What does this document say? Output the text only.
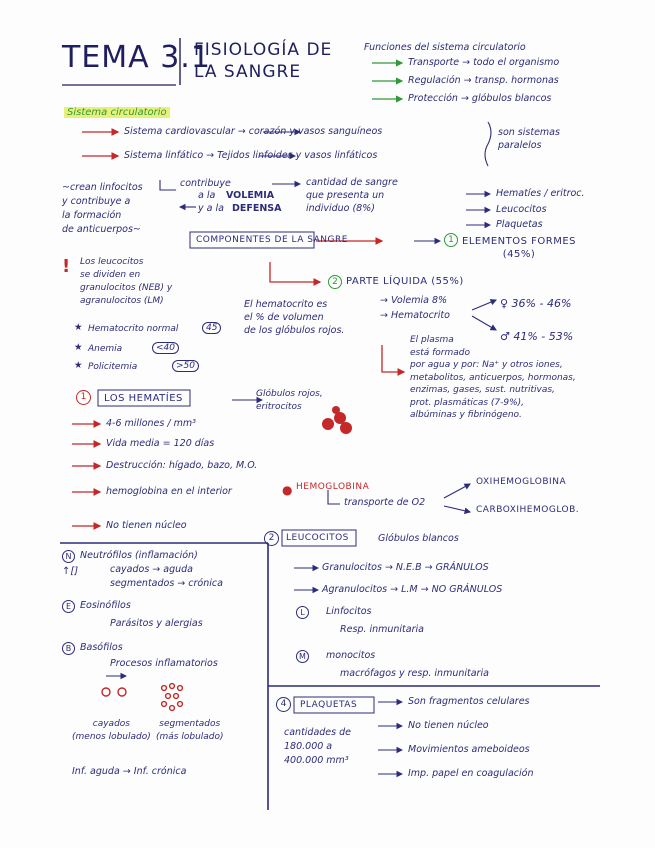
TEMA 3.1
FISIOLOGÍA DE
LA SANGRE
Funciones del sistema circulatorio
Transporte → todo el organismo
Regulación → transp. hormonas
Protección → glóbulos blancos
Sistema circulatorio
Sistema cardiovascular → corazón y vasos sanguíneos
Sistema linfático → Tejidos linfoides y vasos linfáticos
son sistemas
paralelos
contribuye
a la VOLEMIA
y a la DEFENSA
cantidad de sangre
que presenta un
individuo (8%)
~crean linfocitos
y contribuye a
la formación
de anticuerpos~
COMPONENTES DE LA SANGRE	1 ELEMENTOS FORMES
(45%)
Hematíes / eritroc.
Leucocitos
Plaquetas
2 PARTE LÍQUIDA (55%)
→ Volemia 8%
→ Hematocrito
El hematocrito es
el % de volumen
de los glóbulos rojos.
♀ 36% - 46%
♂ 41% - 53%
El plasma
está formado
por agua y por: Na⁺ y otros iones,
metabolitos, anticuerpos, hormonas,
enzimas, gases, sust. nutritivas,
prot. plasmáticas (7-9%),
albúminas y fibrinógeno.
! Los leucocitos
se dividen en
granulocitos (NEB) y
agranulocitos (LM)
★ Hematocrito normal	45
★ Anemia	<40
★ Policitemia	>50
1	LOS HEMATÍES	Glóbulos rojos,
eritrocitos
4-6 millones / mm³
Vida media = 120 días
Destrucción: hígado, bazo, M.O.
hemoglobina en el interior
No tienen núcleo
● HEMOGLOBINA
transporte de O2
OXIHEMOGLOBINA
CARBOXIHEMOGLOB.
2	LEUCOCITOS	Glóbulos blancos
Granulocitos → N.E.B → GRÁNULOS
Agranulocitos → L.M → NO GRÁNULOS
L	Linfocitos
Resp. inmunitaria
M	monocitos
macrófagos y resp. inmunitaria
N Neutrófilos (inflamación)
↑[]	cayados → aguda
segmentados → crónica
E Eosinófilos
Parásitos y alergias
B Basófilos
Procesos inflamatorios
cayados
(menos lobulado)
segmentados
(más lobulado)
Inf. aguda → Inf. crónica
4	PLAQUETAS
cantidades de
180.000 a
400.000 mm³
Son fragmentos celulares
No tienen núcleo
Movimientos ameboideos
Imp. papel en coagulación
